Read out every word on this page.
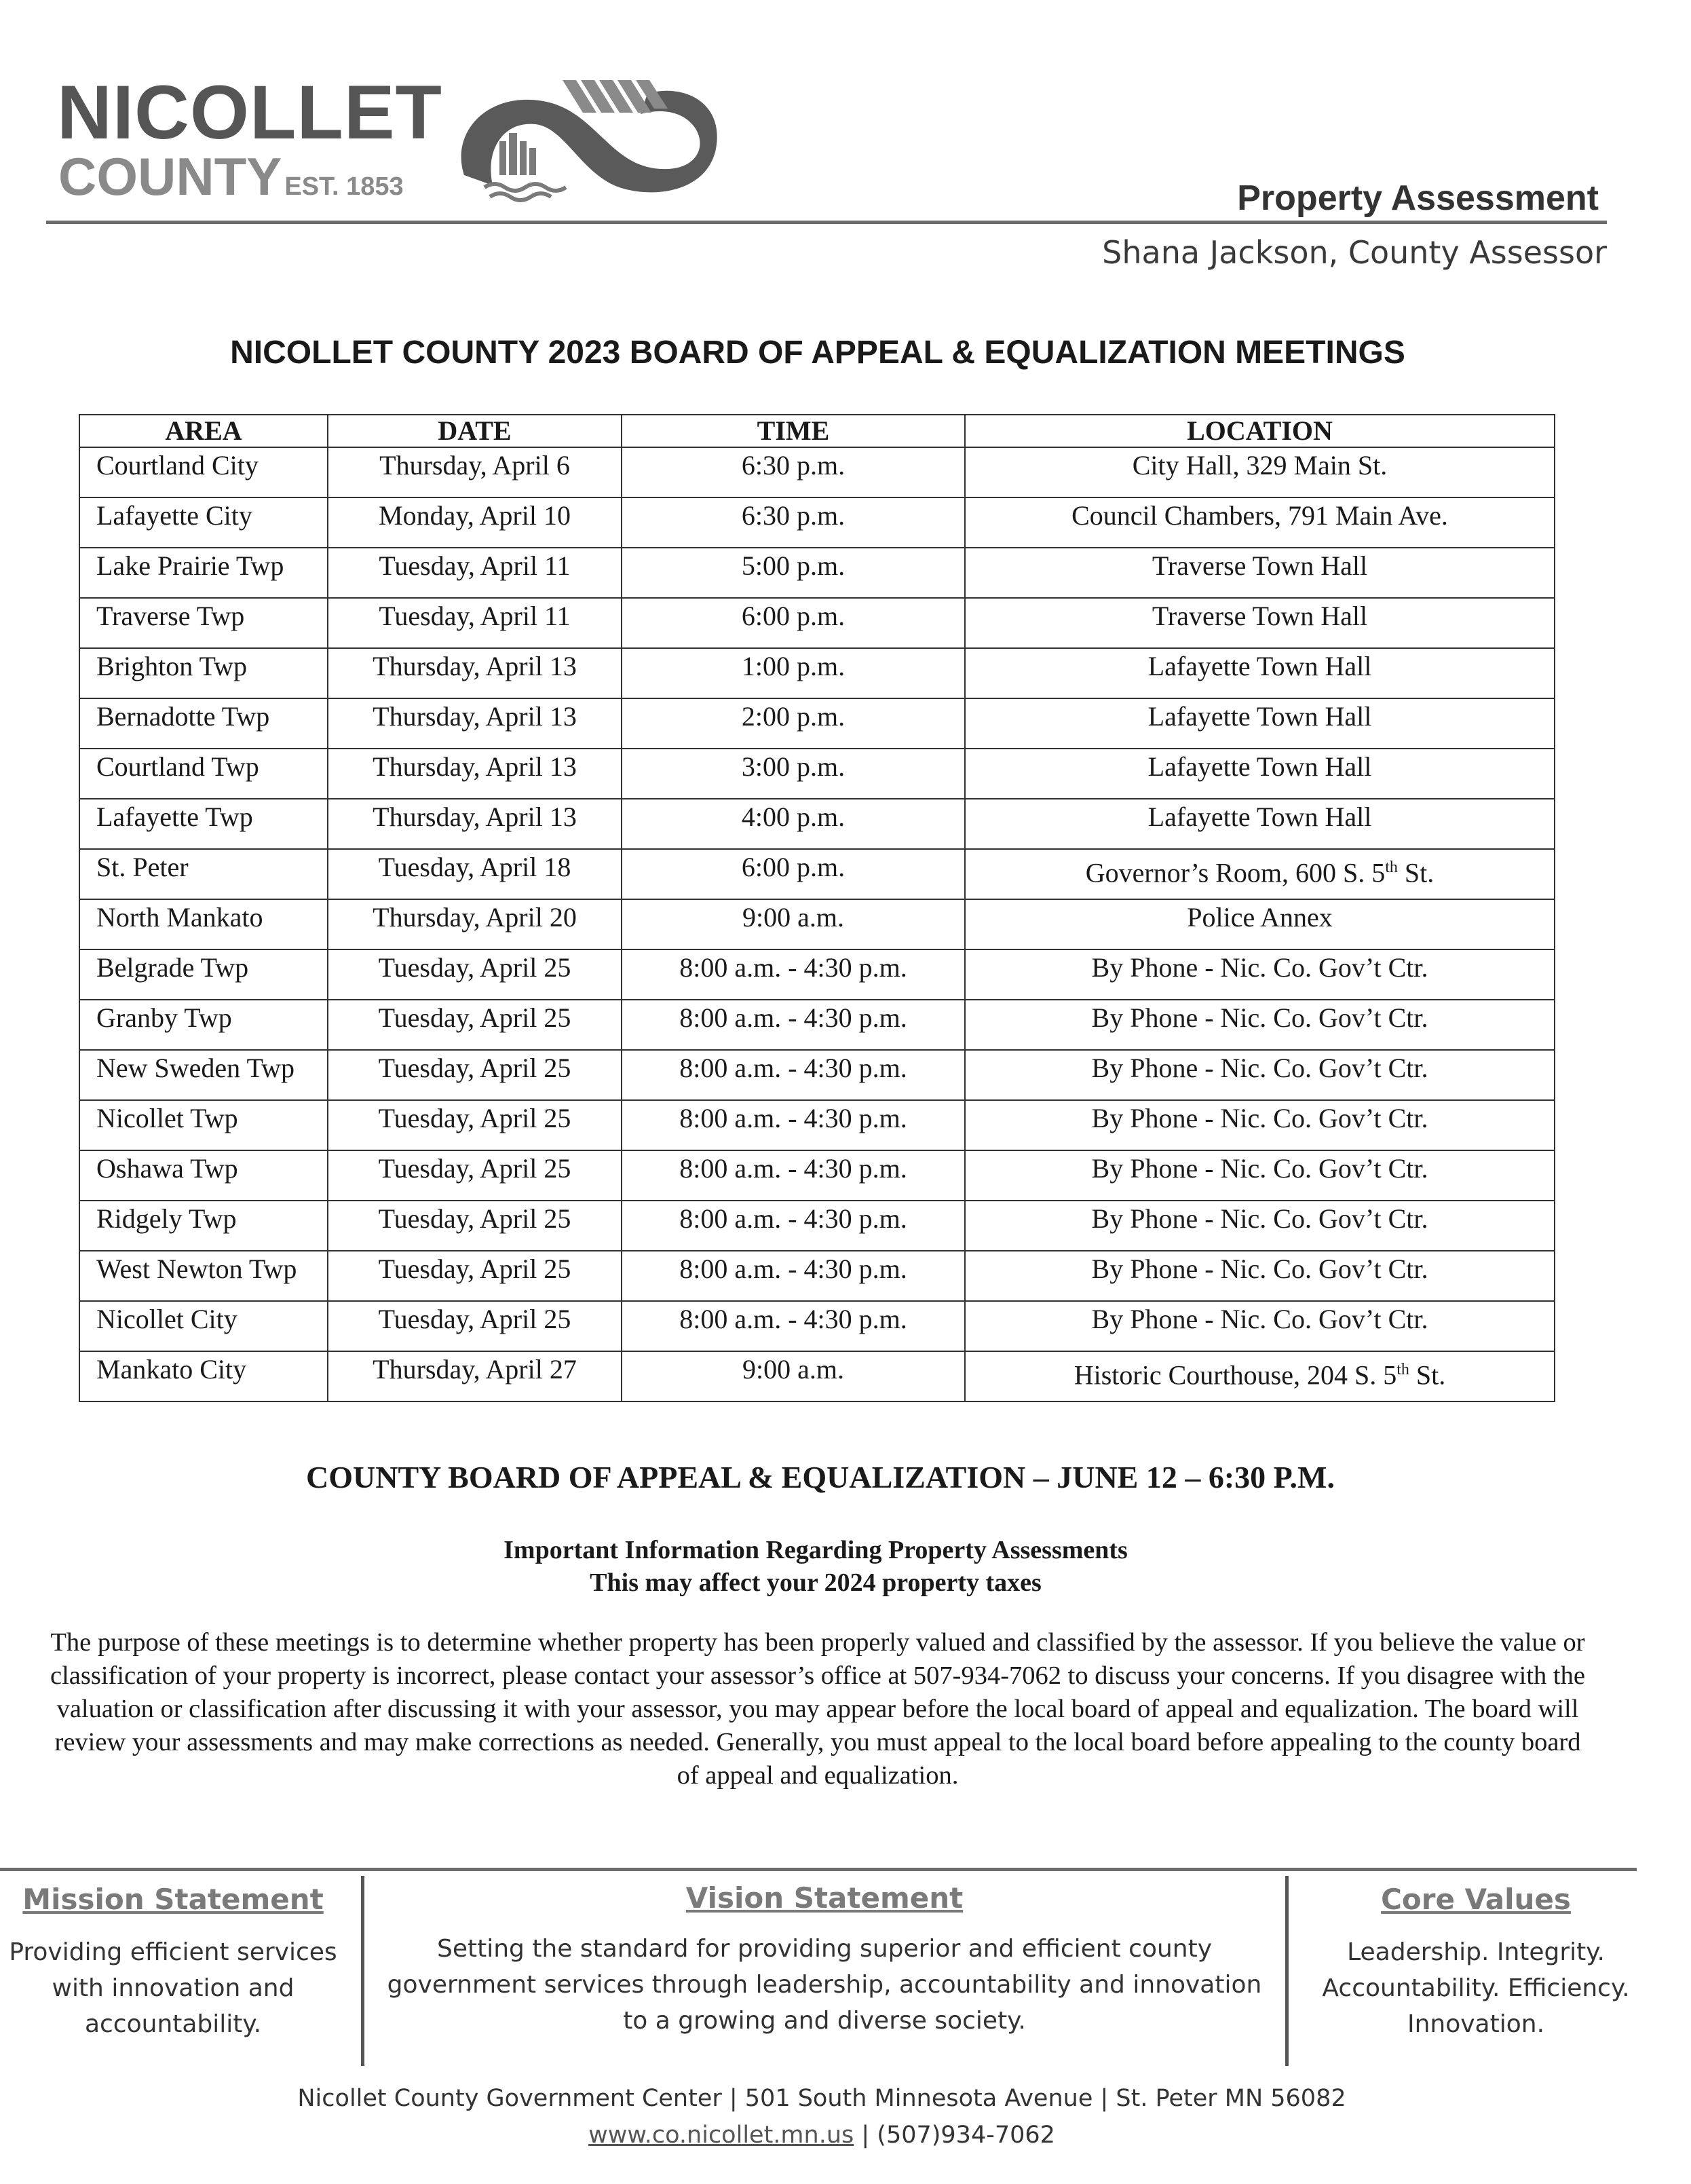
NICOLLET
COUNTY EST. 1853	Property Assessment
Shana Jackson, County Assessor
NICOLLET COUNTY 2023 BOARD OF APPEAL & EQUALIZATION MEETINGS
AREA	DATE	TIME	LOCATION
Courtland City	Thursday, April 6	6:30 p.m.	City Hall, 329 Main St.
Lafayette City	Monday, April 10	6:30 p.m.	Council Chambers, 791 Main Ave.
Lake Prairie Twp	Tuesday, April 11	5:00 p.m.	Traverse Town Hall
Traverse Twp	Tuesday, April 11	6:00 p.m.	Traverse Town Hall
Brighton Twp	Thursday, April 13	1:00 p.m.	Lafayette Town Hall
Bernadotte Twp	Thursday, April 13	2:00 p.m.	Lafayette Town Hall
Courtland Twp	Thursday, April 13	3:00 p.m.	Lafayette Town Hall
Lafayette Twp	Thursday, April 13	4:00 p.m.	Lafayette Town Hall
St. Peter	Tuesday, April 18	6:00 p.m.	Governor’s Room, 600 S. 5th St.
North Mankato	Thursday, April 20	9:00 a.m.	Police Annex
Belgrade Twp	Tuesday, April 25	8:00 a.m. - 4:30 p.m.	By Phone - Nic. Co. Gov’t Ctr.
Granby Twp	Tuesday, April 25	8:00 a.m. - 4:30 p.m.	By Phone - Nic. Co. Gov’t Ctr.
New Sweden Twp	Tuesday, April 25	8:00 a.m. - 4:30 p.m.	By Phone - Nic. Co. Gov’t Ctr.
Nicollet Twp	Tuesday, April 25	8:00 a.m. - 4:30 p.m.	By Phone - Nic. Co. Gov’t Ctr.
Oshawa Twp	Tuesday, April 25	8:00 a.m. - 4:30 p.m.	By Phone - Nic. Co. Gov’t Ctr.
Ridgely Twp	Tuesday, April 25	8:00 a.m. - 4:30 p.m.	By Phone - Nic. Co. Gov’t Ctr.
West Newton Twp	Tuesday, April 25	8:00 a.m. - 4:30 p.m.	By Phone - Nic. Co. Gov’t Ctr.
Nicollet City	Tuesday, April 25	8:00 a.m. - 4:30 p.m.	By Phone - Nic. Co. Gov’t Ctr.
Mankato City	Thursday, April 27	9:00 a.m.	Historic Courthouse, 204 S. 5th St.
COUNTY BOARD OF APPEAL & EQUALIZATION – JUNE 12 – 6:30 P.M.
Important Information Regarding Property Assessments
This may affect your 2024 property taxes
The purpose of these meetings is to determine whether property has been properly valued and classified by the assessor. If you believe the value or classification of your property is incorrect, please contact your assessor’s office at 507-934-7062 to discuss your concerns. If you disagree with the valuation or classification after discussing it with your assessor, you may appear before the local board of appeal and equalization. The board will review your assessments and may make corrections as needed. Generally, you must appeal to the local board before appealing to the county board of appeal and equalization.
Mission Statement
Providing efficient services with innovation and accountability.
Vision Statement
Setting the standard for providing superior and efficient county government services through leadership, accountability and innovation to a growing and diverse society.
Core Values
Leadership. Integrity. Accountability. Efficiency. Innovation.
Nicollet County Government Center | 501 South Minnesota Avenue | St. Peter MN 56082
www.co.nicollet.mn.us | (507)934-7062
